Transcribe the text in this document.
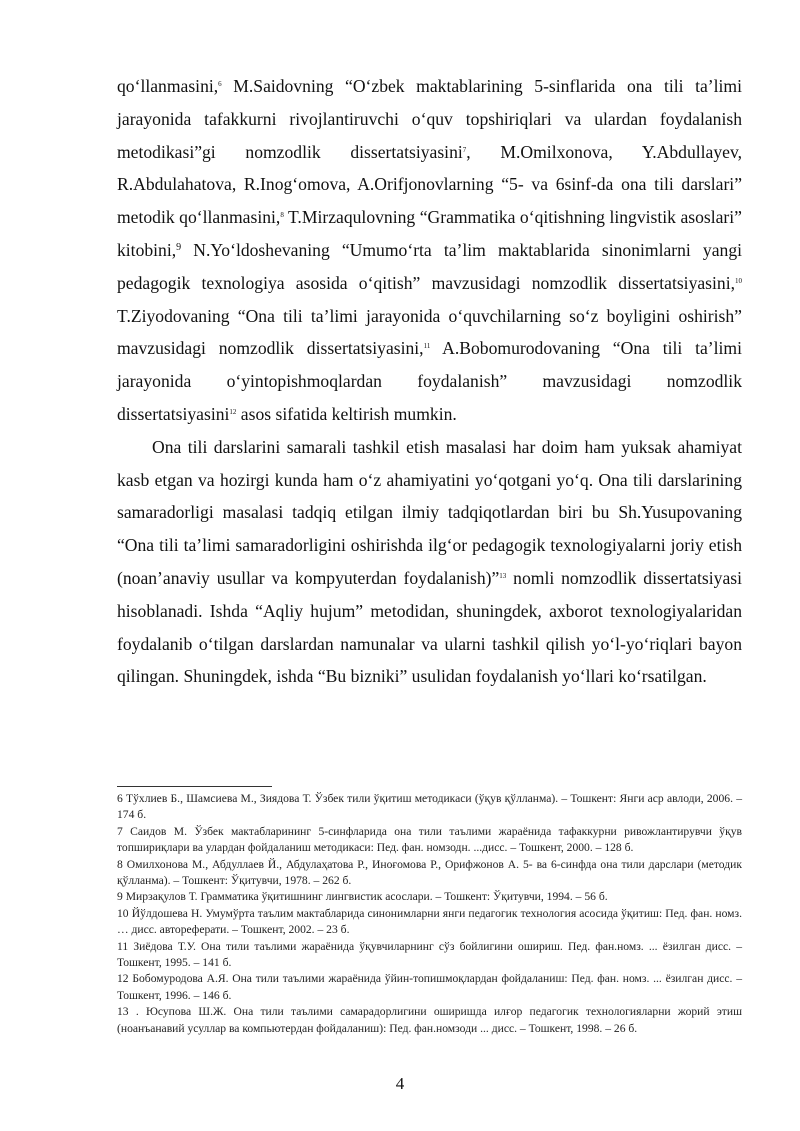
qo‘llanmasini,$^6$ M.Saidovning “O‘zbek maktablarining 5-sinflarida ona tili ta’limi jarayonida tafakkurni rivojlantiruvchi o‘quv topshiriqlari va ulardan foydalanish metodikasi”gi nomzodlik dissertatsiyasini$^7$, M.Omilxonova, Y.Abdullayev, R.Abdulahatova, R.Inog‘omova, A.Orifjonovlarning “5- va 6sinf-da ona tili darslari” metodik qo‘llanmasini,$^8$ T.Mirzaqulovning “Grammatika o‘qitishning lingvistik asoslari” kitobini,$^9$ N.Yo‘ldoshevaning “Umumo‘rta ta’lim maktablarida sinonimlarni yangi pedagogik texnologiya asosida o‘qitish” mavzusidagi nomzodlik dissertatsiyasini,$^{10}$ T.Ziyodovaning “Ona tili ta’limi jarayonida o‘quvchilarning so‘z boyligini oshirish” mavzusidagi nomzodlik dissertatsiyasini,$^{11}$ A.Bobomurodovaning “Ona tili ta’limi jarayonida o‘yintopishmoqlardan foydalanish” mavzusidagi nomzodlik dissertatsiyasini$^{12}$ asos sifatida keltirish mumkin.

Ona tili darslarini samarali tashkil etish masalasi har doim ham yuksak ahamiyat kasb etgan va hozirgi kunda ham o‘z ahamiyatini yo‘qotgani yo‘q. Ona tili darslarining samaradorligi masalasi tadqiq etilgan ilmiy tadqiqotlardan biri bu Sh.Yusupovaning “Ona tili ta’limi samaradorligini oshirishda ilg‘or pedagogik texnologiyalarni joriy etish (noan’anaviy usullar va kompyuterdan foydalanish)”$^{13}$ nomli nomzodlik dissertatsiyasi hisoblanadi. Ishda “Aqliy hujum” metodidan, shuningdek, axborot texnologiyalaridan foydalanib o‘tilgan darslardan namunalar va ularni tashkil qilish yo‘l-yo‘riqlari bayon qilingan. Shuningdek, ishda “Bu bizniki” usulidan foydalanish yo‘llari ko‘rsatilgan.

6 Тўхлиев Б., Шамсиева М., Зиядова Т. Ўзбек тили ўқитиш методикаси (ўқув қўлланма). – Тошкент: Янги аср авлоди, 2006. – 174 б.

7 Саидов М. Ўзбек мактабларининг 5-синфларида она тили таълими жараёнида тафаккурни ривожлантирувчи ўқув топшириқлари ва улардан фойдаланиш методикаси: Пед. фан. номзодн. ...дисс. – Тошкент, 2000. – 128 б.

8 Омилхонова М., Абдуллаев Й., Абдулаҳатова Р., Иноғомова Р., Орифжонов А. 5- ва 6-синфда она тили дарслари (методик қўлланма). – Тошкент: Ўқитувчи, 1978. – 262 б.

9 Мирзақулов Т. Грамматика ўқитишнинг лингвистик асослари. – Тошкент: Ўқитувчи, 1994. – 56 б.

10 Йўлдошева Н. Умумўрта таълим мактабларида синонимларни янги педагогик технология асосида ўқитиш: Пед. фан. номз. … дисс. автореферати. – Тошкент, 2002. – 23 б.

11 Зиёдова Т.У. Она тили таълими жараёнида ўқувчиларнинг сўз бойлигини ошириш. Пед. фан.номз. ... ёзилган дисс. – Тошкент, 1995. – 141 б.

12 Бобомуродова А.Я. Она тили таълими жараёнида ўйин-топишмоқлардан фойдаланиш: Пед. фан. номз. ... ёзилган дисс. – Тошкент, 1996. – 146 б.

13 . Юсупова Ш.Ж. Она тили таълими самарадорлигини оширишда илғор педагогик технологияларни жорий этиш (ноанъанавий усуллар ва компьютердан фойдаланиш): Пед. фан.номзоди ... дисс. – Тошкент, 1998. – 26 б.

4
